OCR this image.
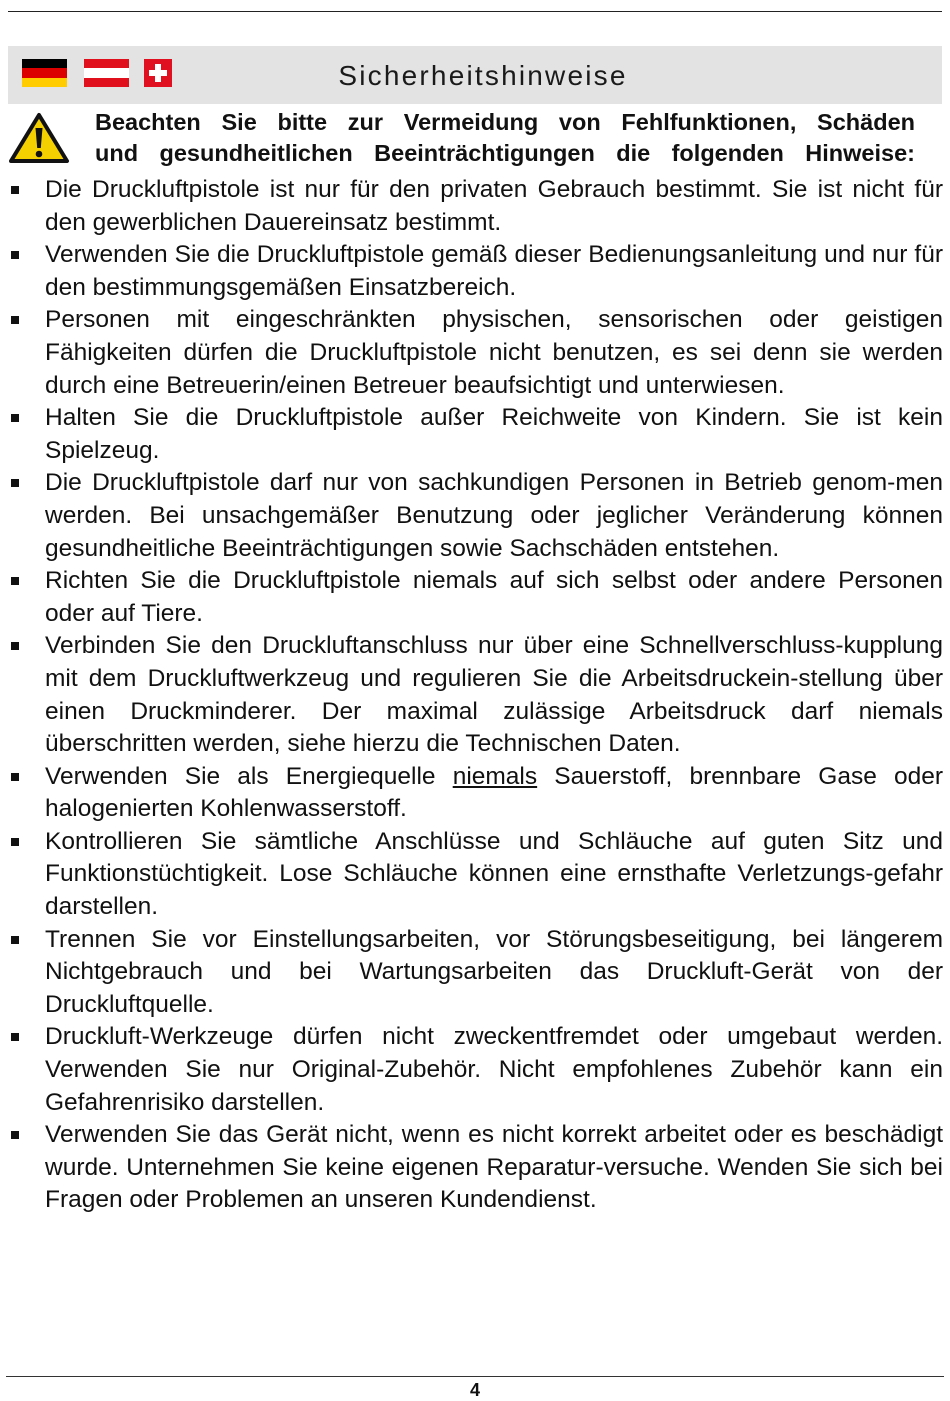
Sicherheitshinweise
Beachten Sie bitte zur Vermeidung von Fehlfunktionen, Schäden
und gesundheitlichen Beeinträchtigungen die folgenden Hinweise:
Die Druckluftpistole ist nur für den privaten Gebrauch bestimmt. Sie ist nicht für den gewerblichen Dauereinsatz bestimmt.
Verwenden Sie die Druckluftpistole gemäß dieser Bedienungsanleitung und nur für den bestimmungsgemäßen Einsatzbereich.
Personen mit eingeschränkten physischen, sensorischen oder geistigen Fähigkeiten dürfen die Druckluftpistole nicht benutzen, es sei denn sie werden durch eine Betreuerin/einen Betreuer beaufsichtigt und unterwiesen.
Halten Sie die Druckluftpistole außer Reichweite von Kindern. Sie ist kein Spielzeug.
Die Druckluftpistole darf nur von sachkundigen Personen in Betrieb genom-men werden. Bei unsachgemäßer Benutzung oder jeglicher Veränderung können gesundheitliche Beeinträchtigungen sowie Sachschäden entstehen.
Richten Sie die Druckluftpistole niemals auf sich selbst oder andere Personen oder auf Tiere.
Verbinden Sie den Druckluftanschluss nur über eine Schnellverschluss-kupplung mit dem Druckluftwerkzeug und regulieren Sie die Arbeitsdruckein-stellung über einen Druckminderer. Der maximal zulässige Arbeitsdruck darf niemals überschritten werden, siehe hierzu die Technischen Daten.
Verwenden Sie als Energiequelle niemals Sauerstoff, brennbare Gase oder halogenierten Kohlenwasserstoff.
Kontrollieren Sie sämtliche Anschlüsse und Schläuche auf guten Sitz und Funktionstüchtigkeit. Lose Schläuche können eine ernsthafte Verletzungs-gefahr darstellen.
Trennen Sie vor Einstellungsarbeiten, vor Störungsbeseitigung, bei längerem Nichtgebrauch und bei Wartungsarbeiten das Druckluft-Gerät von der Druckluftquelle.
Druckluft-Werkzeuge dürfen nicht zweckentfremdet oder umgebaut werden. Verwenden Sie nur Original-Zubehör. Nicht empfohlenes Zubehör kann ein Gefahrenrisiko darstellen.
Verwenden Sie das Gerät nicht, wenn es nicht korrekt arbeitet oder es beschädigt wurde. Unternehmen Sie keine eigenen Reparatur-versuche. Wenden Sie sich bei Fragen oder Problemen an unseren Kundendienst.
4
